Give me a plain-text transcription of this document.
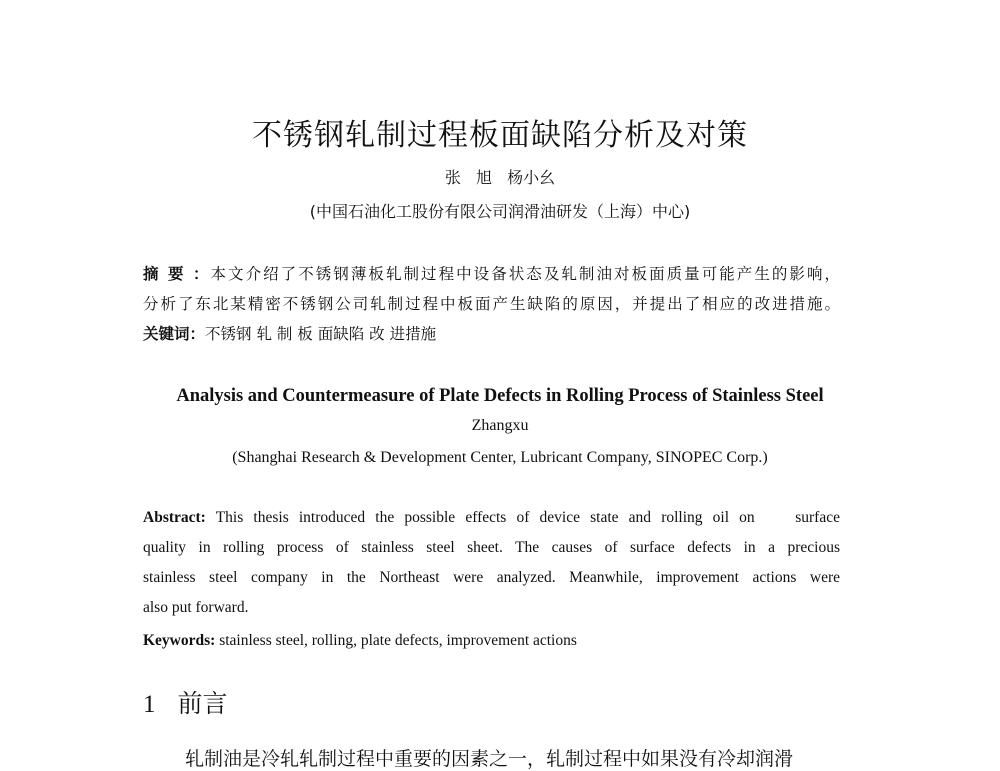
不锈钢轧制过程板面缺陷分析及对策
张 旭 杨小幺
(中国石油化工股份有限公司润滑油研发（上海）中心)
摘 要 ：本文介绍了不锈钢薄板轧制过程中设备状态及轧制油对板面质量可能产生的影响，
分析了东北某精密不锈钢公司轧制过程中板面产生缺陷的原因，并提出了相应的改进措施。
关键词：不锈钢 轧 制 板 面缺陷 改 进措施
Analysis and Countermeasure of Plate Defects in Rolling Process of Stainless Steel
Zhangxu
(Shanghai Research & Development Center, Lubricant Company, SINOPEC Corp.)
Abstract: This thesis introduced the possible effects of device state and rolling oil on    surface
quality in rolling process of stainless steel sheet. The causes of surface defects in a precious
stainless steel company in the Northeast were analyzed. Meanwhile, improvement actions were
also put forward.
Keywords: stainless steel, rolling, plate defects, improvement actions
1 前言
轧制油是冷轧轧制过程中重要的因素之一，轧制过程中如果没有冷却润滑
